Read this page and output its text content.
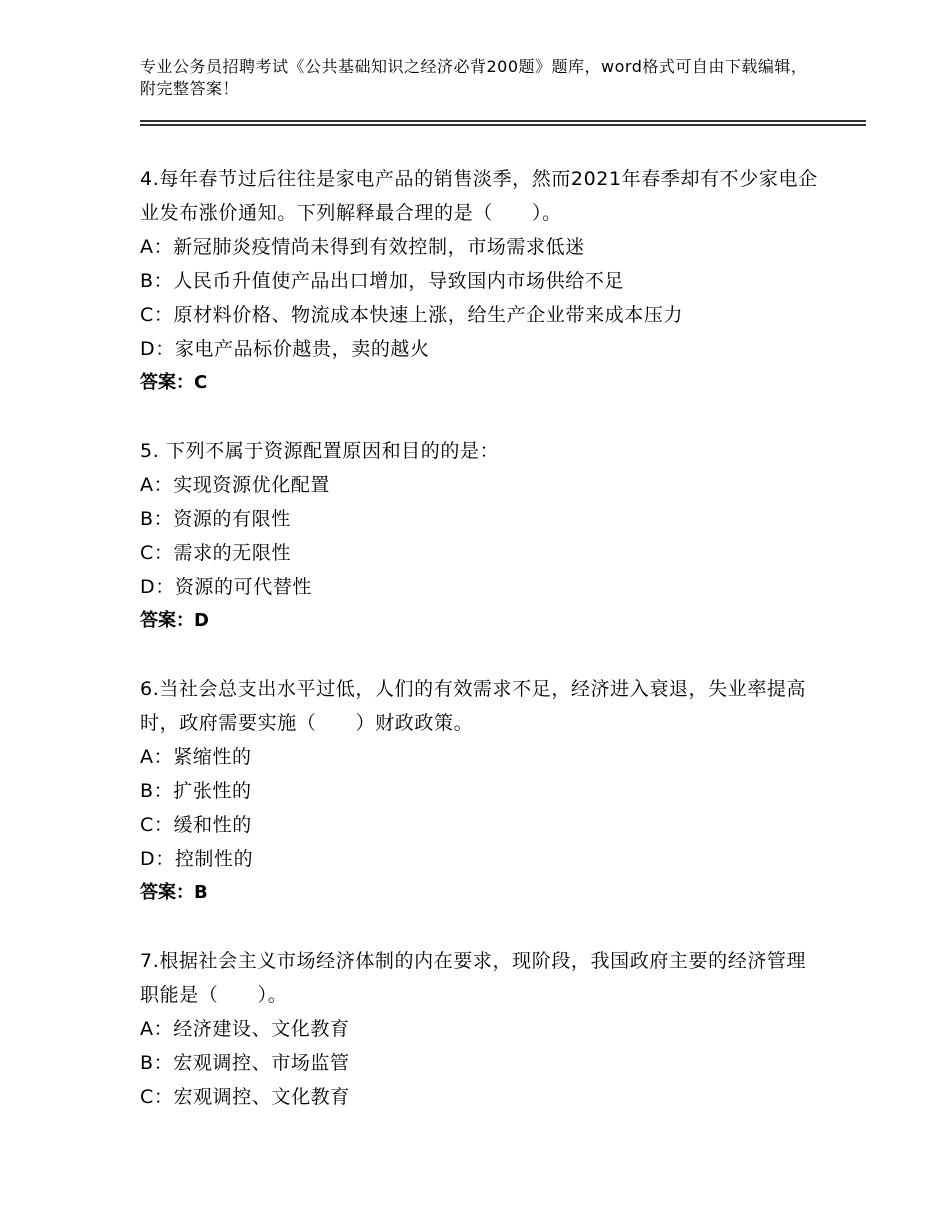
专业公务员招聘考试《公共基础知识之经济必背200题》题库，word格式可自由下载编辑，附完整答案！
4.每年春节过后往往是家电产品的销售淡季，然而2021年春季却有不少家电企业发布涨价通知。下列解释最合理的是（　　）。
A：新冠肺炎疫情尚未得到有效控制，市场需求低迷
B：人民币升值使产品出口增加，导致国内市场供给不足
C：原材料价格、物流成本快速上涨，给生产企业带来成本压力
D：家电产品标价越贵，卖的越火
答案：C
5. 下列不属于资源配置原因和目的的是：
A：实现资源优化配置
B：资源的有限性
C：需求的无限性
D：资源的可代替性
答案：D
6.当社会总支出水平过低，人们的有效需求不足，经济进入衰退，失业率提高时，政府需要实施（　　）财政政策。
A：紧缩性的
B：扩张性的
C：缓和性的
D：控制性的
答案：B
7.根据社会主义市场经济体制的内在要求，现阶段，我国政府主要的经济管理职能是（　　）。
A：经济建设、文化教育
B：宏观调控、市场监管
C：宏观调控、文化教育
